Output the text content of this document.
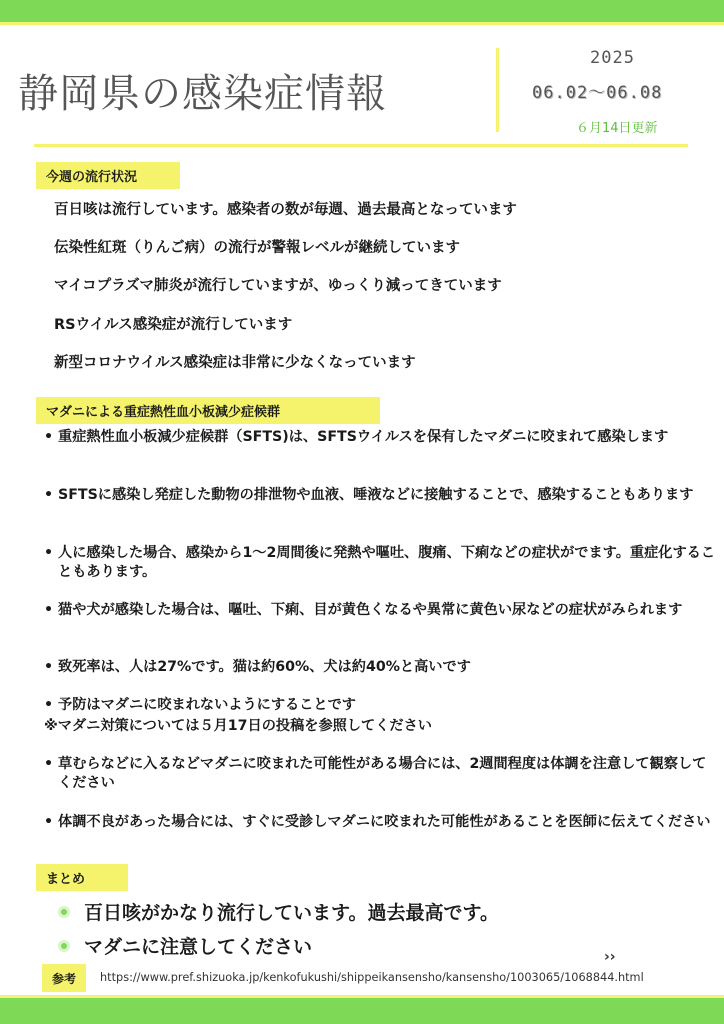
静岡県の感染症情報
2025
06.02～06.08
６月14日更新
今週の流行状況
百日咳は流行しています。感染者の数が毎週、過去最高となっています
伝染性紅斑（りんご病）の流行が警報レベルが継続しています
マイコプラズマ肺炎が流行していますが、ゆっくり減ってきています
RSウイルス感染症が流行しています
新型コロナウイルス感染症は非常に少なくなっています
マダニによる重症熱性血小板減少症候群
• 重症熱性血小板減少症候群（SFTS)は、SFTSウイルスを保有したマダニに咬まれて感染します
• SFTSに感染し発症した動物の排泄物や血液、唾液などに接触することで、感染することもあります
• 人に感染した場合、感染から1～2周間後に発熱や嘔吐、腹痛、下痢などの症状がでます。重症化することもあります。
• 猫や犬が感染した場合は、嘔吐、下痢、目が黄色くなるや異常に黄色い尿などの症状がみられます
• 致死率は、人は27%です。猫は約60%、犬は約40%と高いです
• 予防はマダニに咬まれないようにすることです
※マダニ対策については５月17日の投稿を参照してください
• 草むらなどに入るなどマダニに咬まれた可能性がある場合には、2週間程度は体調を注意して観察してください
• 体調不良があった場合には、すぐに受診しマダニに咬まれた可能性があることを医師に伝えてください
まとめ
百日咳がかなり流行しています。過去最高です。
マダニに注意してください	››
参考	https://www.pref.shizuoka.jp/kenkofukushi/shippeikansensho/kansensho/1003065/1068844.html
